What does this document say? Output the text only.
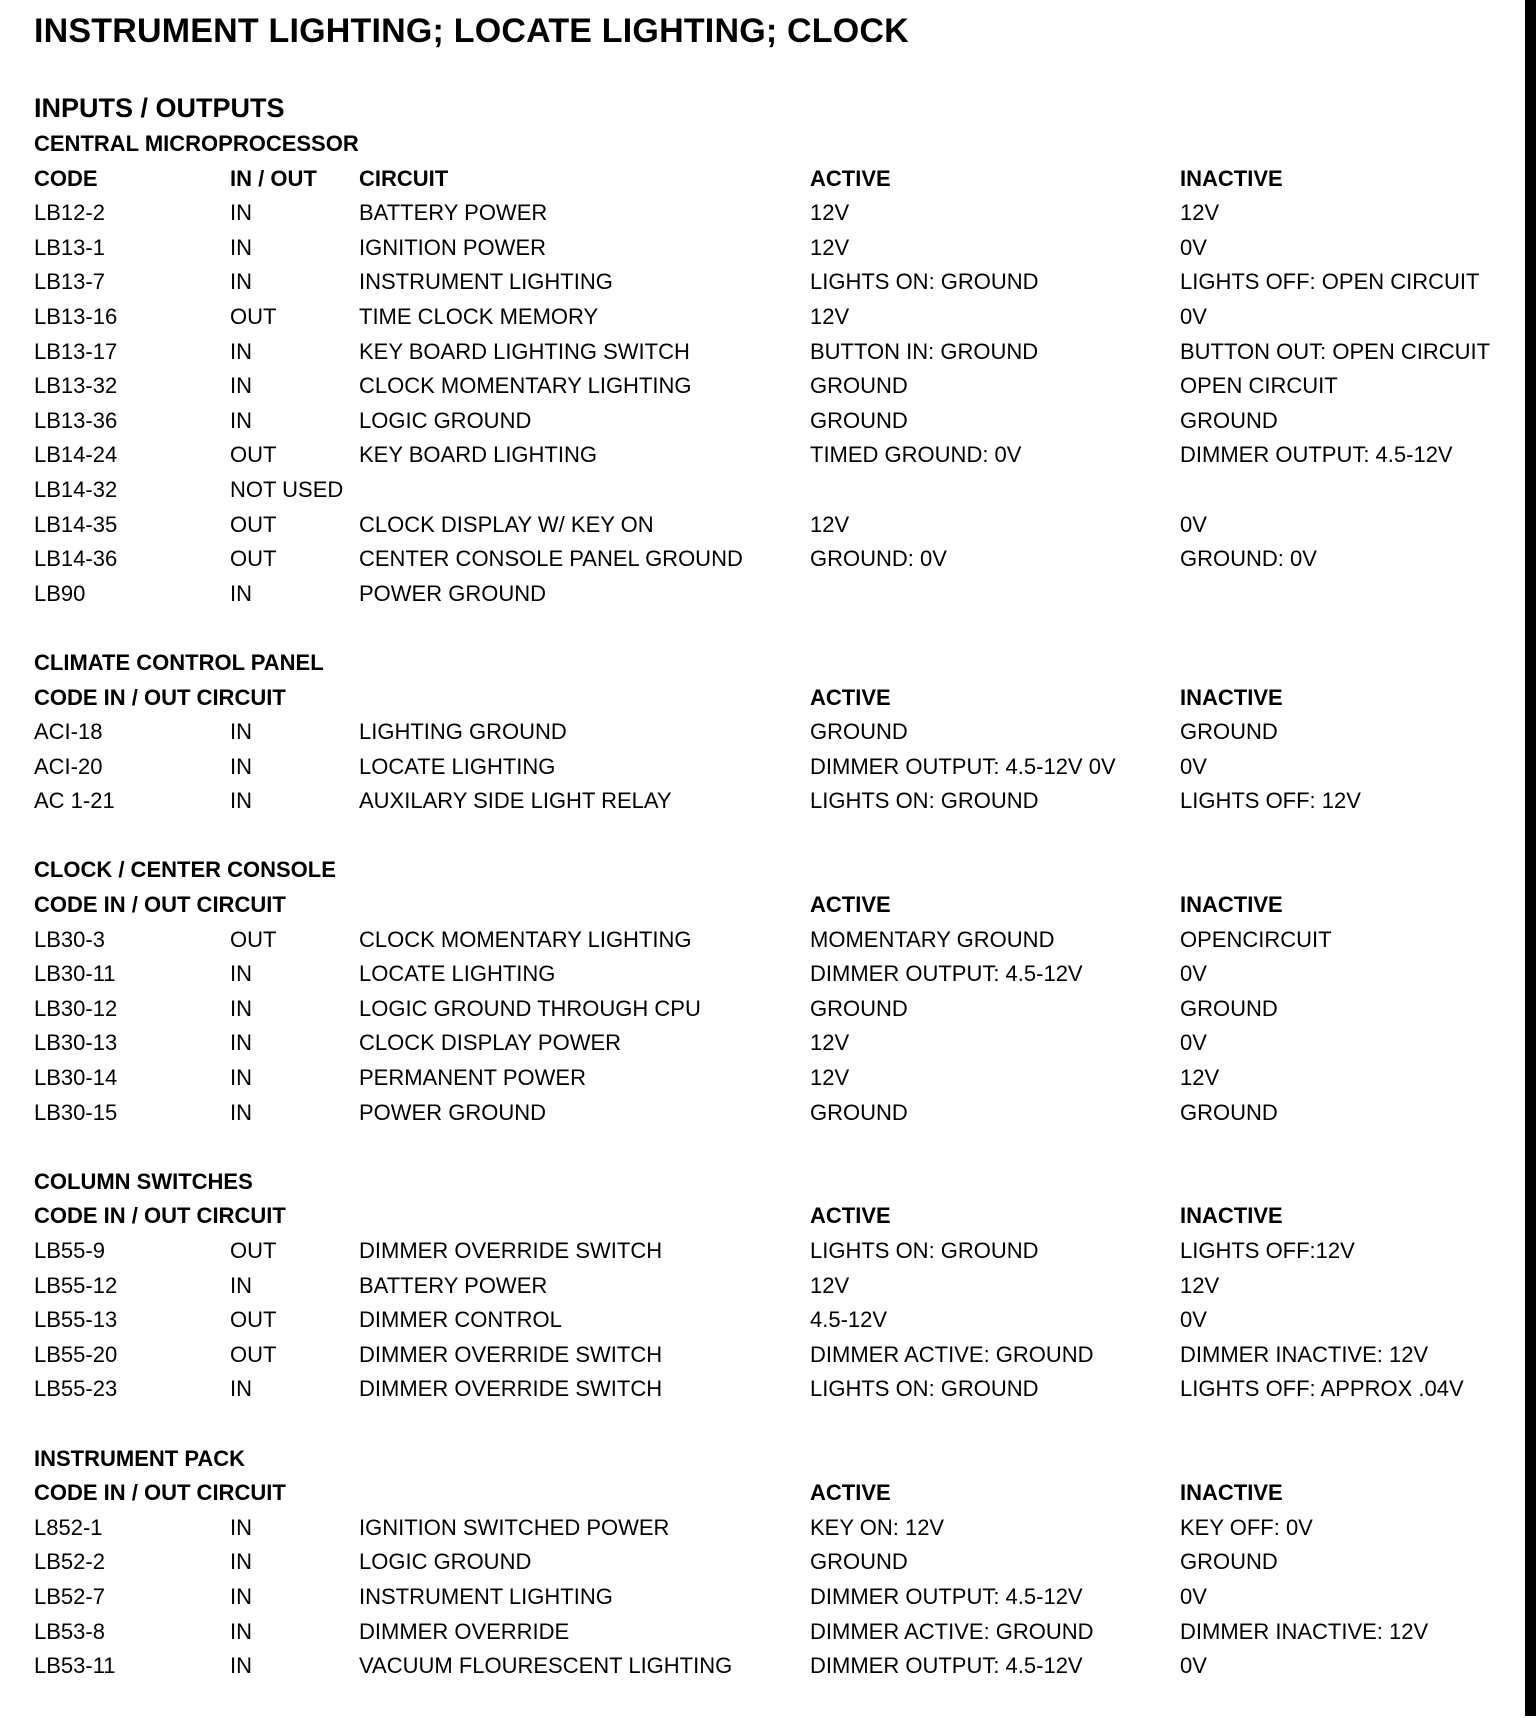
INSTRUMENT LIGHTING; LOCATE LIGHTING; CLOCK
INPUTS / OUTPUTS
CENTRAL MICROPROCESSOR
CODE	IN / OUT CIRCUIT	ACTIVE	INACTIVE
LB12-2	IN	BATTERY POWER	12V	12V
LB13-1	IN	IGNITION POWER	12V	0V
LB13-7	IN	INSTRUMENT LIGHTING	LIGHTS ON: GROUND	LIGHTS OFF: OPEN CIRCUIT
LB13-16	OUT	TIME CLOCK MEMORY	12V	0V
LB13-17	IN	KEY BOARD LIGHTING SWITCH	BUTTON IN: GROUND	BUTTON OUT: OPEN CIRCUIT
LB13-32	IN	CLOCK MOMENTARY LIGHTING	GROUND	OPEN CIRCUIT
LB13-36	IN	LOGIC GROUND	GROUND	GROUND
LB14-24	OUT	KEY BOARD LIGHTING	TIMED GROUND: 0V	DIMMER OUTPUT: 4.5-12V
LB14-32	NOT USED
LB14-35	OUT	CLOCK DISPLAY W/ KEY ON	12V	0V
LB14-36	OUT	CENTER CONSOLE PANEL GROUND	GROUND: 0V	GROUND: 0V
LB90	IN	POWER GROUND
CLIMATE CONTROL PANEL
CODE IN / OUT CIRCUIT	ACTIVE	INACTIVE
ACI-18	IN	LIGHTING GROUND	GROUND	GROUND
ACI-20	IN	LOCATE LIGHTING	DIMMER OUTPUT: 4.5-12V 0V	0V
AC 1-21	IN	AUXILARY SIDE LIGHT RELAY	LIGHTS ON: GROUND	LIGHTS OFF: 12V
CLOCK / CENTER CONSOLE
CODE IN / OUT CIRCUIT	ACTIVE	INACTIVE
LB30-3	OUT	CLOCK MOMENTARY LIGHTING	MOMENTARY GROUND	OPENCIRCUIT
LB30-11	IN	LOCATE LIGHTING	DIMMER OUTPUT: 4.5-12V	0V
LB30-12	IN	LOGIC GROUND THROUGH CPU	GROUND	GROUND
LB30-13	IN	CLOCK DISPLAY POWER	12V	0V
LB30-14	IN	PERMANENT POWER	12V	12V
LB30-15	IN	POWER GROUND	GROUND	GROUND
COLUMN SWITCHES
CODE IN / OUT CIRCUIT	ACTIVE	INACTIVE
LB55-9	OUT	DIMMER OVERRIDE SWITCH	LIGHTS ON: GROUND	LIGHTS OFF:12V
LB55-12	IN	BATTERY POWER	12V	12V
LB55-13	OUT	DIMMER CONTROL	4.5-12V	0V
LB55-20	OUT	DIMMER OVERRIDE SWITCH	DIMMER ACTIVE: GROUND	DIMMER INACTIVE: 12V
LB55-23	IN	DIMMER OVERRIDE SWITCH	LIGHTS ON: GROUND	LIGHTS OFF: APPROX .04V
INSTRUMENT PACK
CODE IN / OUT CIRCUIT	ACTIVE	INACTIVE
L852-1	IN	IGNITION SWITCHED POWER	KEY ON: 12V	KEY OFF: 0V
LB52-2	IN	LOGIC GROUND	GROUND	GROUND
LB52-7	IN	INSTRUMENT LIGHTING	DIMMER OUTPUT: 4.5-12V	0V
LB53-8	IN	DIMMER OVERRIDE	DIMMER ACTIVE: GROUND	DIMMER INACTIVE: 12V
LB53-11	IN	VACUUM FLOURESCENT LIGHTING	DIMMER OUTPUT: 4.5-12V	0V
